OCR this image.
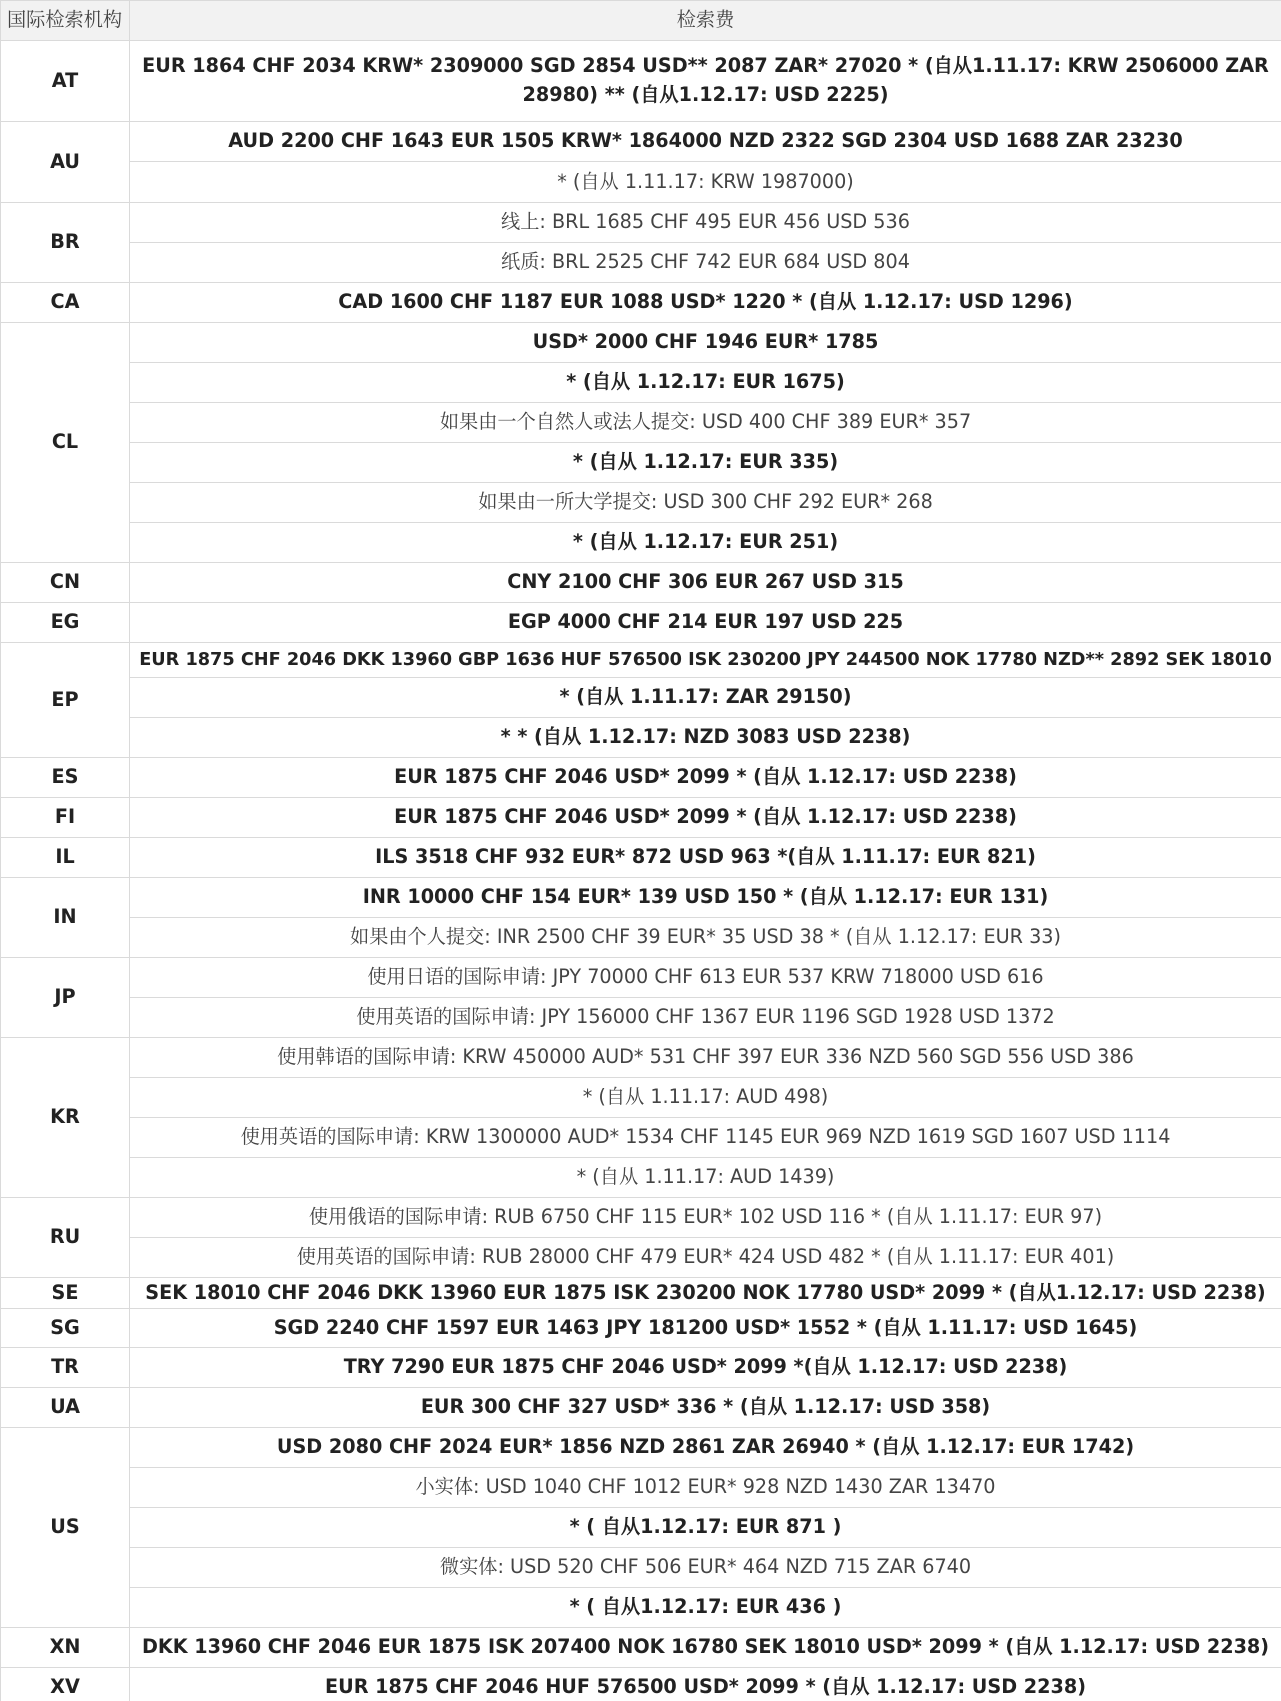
国际检索机构	检索费
AT	EUR 1864 CHF 2034 KRW* 2309000 SGD 2854 USD** 2087 ZAR* 27020 * (自从1.11.17: KRW 2506000 ZAR 28980) ** (自从1.12.17: USD 2225)
AU	AUD 2200 CHF 1643 EUR 1505 KRW* 1864000 NZD 2322 SGD 2304 USD 1688 ZAR 23230
	* (自从 1.11.17: KRW 1987000)
BR	线上: BRL 1685 CHF 495 EUR 456 USD 536
	纸质: BRL 2525 CHF 742 EUR 684 USD 804
CA	CAD 1600 CHF 1187 EUR 1088 USD* 1220 * (自从 1.12.17: USD 1296)
CL	USD* 2000 CHF 1946 EUR* 1785
	* (自从 1.12.17: EUR 1675)
	如果由一个自然人或法人提交: USD 400 CHF 389 EUR* 357
	* (自从 1.12.17: EUR 335)
	如果由一所大学提交: USD 300 CHF 292 EUR* 268
	* (自从 1.12.17: EUR 251)
CN	CNY 2100 CHF 306 EUR 267 USD 315
EG	EGP 4000 CHF 214 EUR 197 USD 225
EP	EUR 1875 CHF 2046 DKK 13960 GBP 1636 HUF 576500 ISK 230200 JPY 244500 NOK 17780 NZD** 2892 SEK 18010
	* (自从 1.11.17: ZAR 29150)
	* * (自从 1.12.17: NZD 3083 USD 2238)
ES	EUR 1875 CHF 2046 USD* 2099 * (自从 1.12.17: USD 2238)
FI	EUR 1875 CHF 2046 USD* 2099 * (自从 1.12.17: USD 2238)
IL	ILS 3518 CHF 932 EUR* 872 USD 963 *(自从 1.11.17: EUR 821)
IN	INR 10000 CHF 154 EUR* 139 USD 150 * (自从 1.12.17: EUR 131)
	如果由个人提交: INR 2500 CHF 39 EUR* 35 USD 38 * (自从 1.12.17: EUR 33)
JP	使用日语的国际申请: JPY 70000 CHF 613 EUR 537 KRW 718000 USD 616
	使用英语的国际申请: JPY 156000 CHF 1367 EUR 1196 SGD 1928 USD 1372
KR	使用韩语的国际申请: KRW 450000 AUD* 531 CHF 397 EUR 336 NZD 560 SGD 556 USD 386
	* (自从 1.11.17: AUD 498)
	使用英语的国际申请: KRW 1300000 AUD* 1534 CHF 1145 EUR 969 NZD 1619 SGD 1607 USD 1114
	* (自从 1.11.17: AUD 1439)
RU	使用俄语的国际申请: RUB 6750 CHF 115 EUR* 102 USD 116 * (自从 1.11.17: EUR 97)
	使用英语的国际申请: RUB 28000 CHF 479 EUR* 424 USD 482 * (自从 1.11.17: EUR 401)
SE	SEK 18010 CHF 2046 DKK 13960 EUR 1875 ISK 230200 NOK 17780 USD* 2099 * (自从1.12.17: USD 2238)
SG	SGD 2240 CHF 1597 EUR 1463 JPY 181200 USD* 1552 * (自从 1.11.17: USD 1645)
TR	TRY 7290 EUR 1875 CHF 2046 USD* 2099 *(自从 1.12.17: USD 2238)
UA	EUR 300 CHF 327 USD* 336 * (自从 1.12.17: USD 358)
US	USD 2080 CHF 2024 EUR* 1856 NZD 2861 ZAR 26940 * (自从 1.12.17: EUR 1742)
	小实体: USD 1040 CHF 1012 EUR* 928 NZD 1430 ZAR 13470
	* ( 自从1.12.17: EUR 871 )
	微实体: USD 520 CHF 506 EUR* 464 NZD 715 ZAR 6740
	* ( 自从1.12.17: EUR 436 )
XN	DKK 13960 CHF 2046 EUR 1875 ISK 207400 NOK 16780 SEK 18010 USD* 2099 * (自从 1.12.17: USD 2238)
XV	EUR 1875 CHF 2046 HUF 576500 USD* 2099 * (自从 1.12.17: USD 2238)
